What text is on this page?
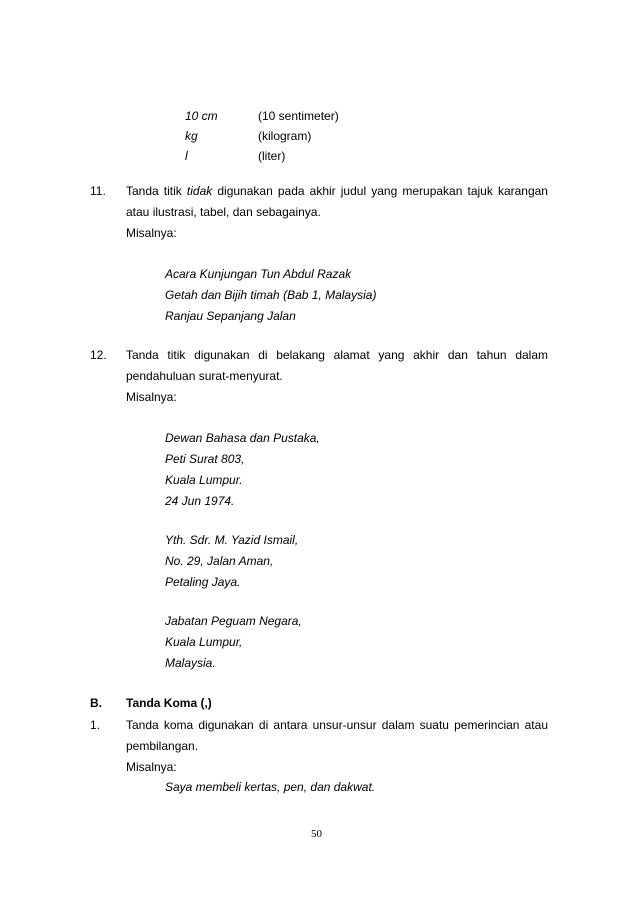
10 cm	(10 sentimeter)
kg	(kilogram)
l	(liter)
11. Tanda titik tidak digunakan pada akhir judul yang merupakan tajuk karangan
atau ilustrasi, tabel, dan sebagainya.
Misalnya:
Acara Kunjungan Tun Abdul Razak
Getah dan Bijih timah (Bab 1, Malaysia)
Ranjau Sepanjang Jalan
12. Tanda titik digunakan di belakang alamat yang akhir dan tahun dalam
pendahuluan surat-menyurat.
Misalnya:
Dewan Bahasa dan Pustaka,
Peti Surat 803,
Kuala Lumpur.
24 Jun 1974.
Yth. Sdr. M. Yazid Ismail,
No. 29, Jalan Aman,
Petaling Jaya.
Jabatan Peguam Negara,
Kuala Lumpur,
Malaysia.
B. Tanda Koma (,)
1. Tanda koma digunakan di antara unsur-unsur dalam suatu pemerincian atau
pembilangan.
Misalnya:
Saya membeli kertas, pen, dan dakwat.
50
